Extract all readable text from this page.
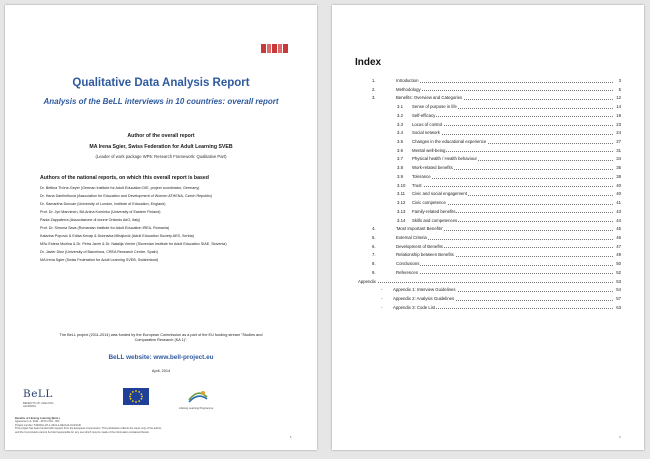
Qualitative Data Analysis Report
Analysis of the BeLL interviews in 10 countries: overall report
Author of the overall report
MA Irena Sgier, Swiss Federation for Adult Learning SVEB
(Leader of work package WP5: Research Framework: Qualitative Part)
Authors of the national reports, on which this overall report is based
Dr. Bettina Thöne-Geyer (German Institute for Adult Education DIE, project coordinator, Germany)
Dr. Hana Danihelková (Association for Education and Development of Women ATHENA, Czech Republic)
Dr. Samantha Duncan (University of London, Institute of Education, England)
Prof. Dr. Jyri Manninen, BA Anina Kominko (University of Eastern Finland)
Paola Zappaterra (Associazione di donne Ortando AdO, Italy)
Prof. Dr. Simona Sava (Romanian Institute for Adult Education IREA, Romania)
Katarina Popovic & Edisa Kecap & Dubravka Mihajlović (Adult Education Society AES, Serbia)
MSc Estera Možina & Dr. Petra Javrh & Dr. Natalija Vrečer (Slovenian Institute for Adult Education SIAE, Slovenia)
Dr. Javier Diez (University of Barcelona, CREA Research Centre, Spain)
MA Irena Sgier (Swiss Federation for Adult Learning SVEB, Switzerland)
The BeLL project (2011-2014) was funded by the European Commission as a part of the EU funding stream "Studies and Comparative Research (KA 1)".
BeLL website: www.bell-project.eu
April, 2014
BeLL
BENEFITS OF LIFELONG LEARNING
Lifelong Learning Programme
Benefits of Lifelong Learning (BeLL)
Agreement no. 2011 - 4670 / 001 - 001
Project number: 519319-LLP-1-2011-1-DE-KA1-KA1SCR
This project has been funded with support from the European Commission. This publication reflects the views only of the author,
and the Commission cannot be held responsible for any use which may be made of the information contained therein.
1
Index
1.	Introduction	3
2.	Methodology	5
3.	Benefits: Overview and Categories	12
3.1 Sense of purpose in life	14
3.2 Self-efficacy	19
3.3 Locus of control	23
3.4 Social network	24
3.5 Changes in the educational experience	27
3.6 Mental well-being	31
3.7 Physical health / Health behaviour	34
3.8 Work-related benefits	35
3.9 Tolerance	38
3.10 Trust	40
3.11 Civic and social engagement	40
3.12 Civic competence	41
3.13 Family-related benefits	43
3.14 Skills and competences	44
4.	'Most Important Benefits'	45
5.	External Criteria	46
6.	Development of Benefits	47
7.	Relationship between Benefits	49
8.	Conclusions	50
9.	References	52
Appendix	53
- Appendix 1: Interview Guidelines	54
- Appendix 2: Analysis Guidelines	57
- Appendix 3: Code List	63
2
